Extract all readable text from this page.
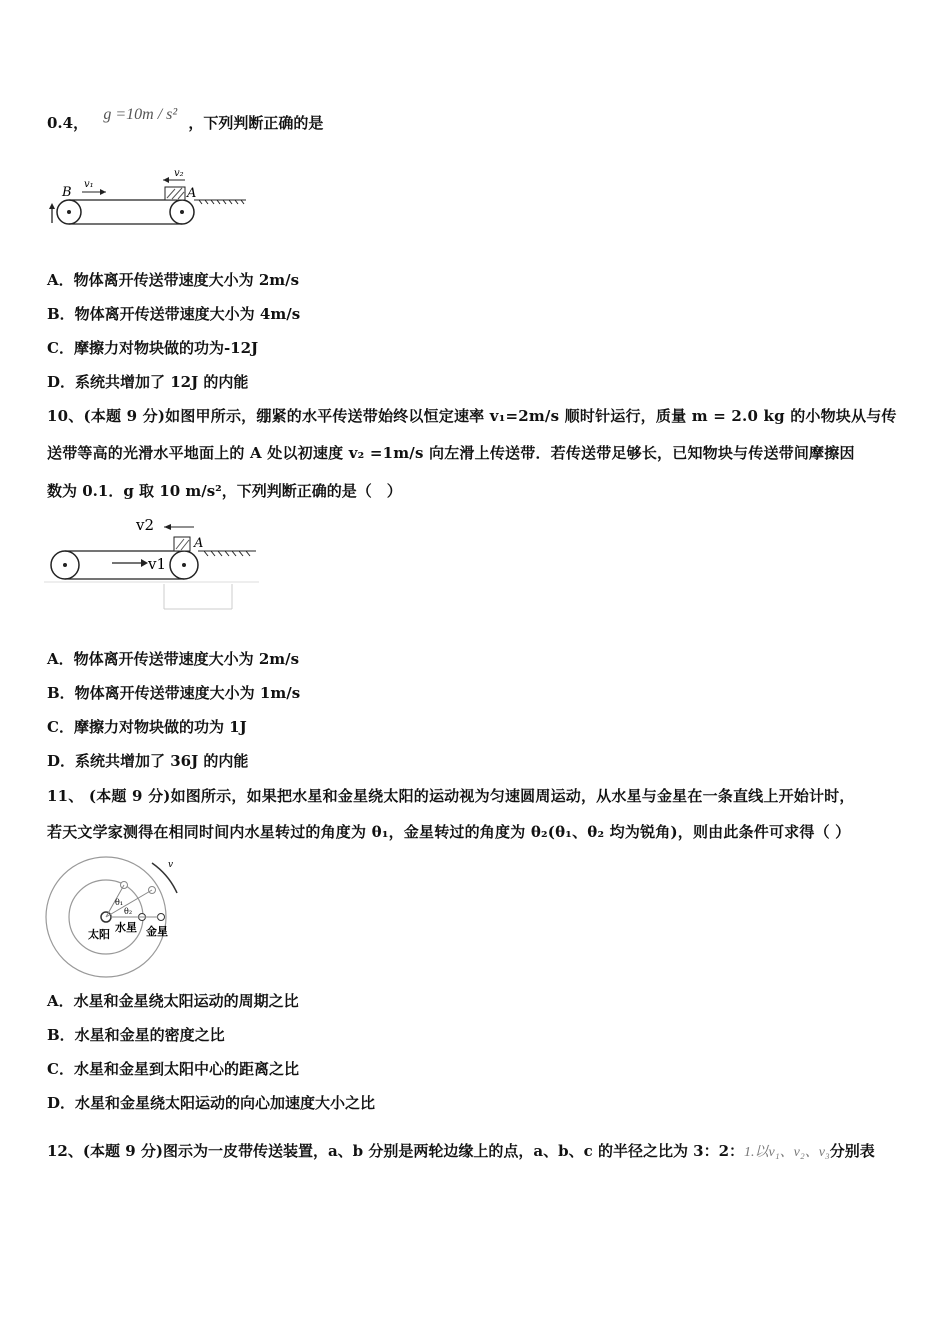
0.4， g =10m / s² ，下列判断正确的是
B
v₁
v₂
A
A．物体离开传送带速度大小为 2m/s
B．物体离开传送带速度大小为 4m/s
C．摩擦力对物块做的功为-12J
D．系统共增加了 12J 的内能
10、(本题 9 分)如图甲所示，绷紧的水平传送带始终以恒定速率 v₁=2m/s 顺时针运行，质量 m = 2.0 kg 的小物块从与传
送带等高的光滑水平地面上的 A 处以初速度 v₂ =1m/s 向左滑上传送带．若传送带足够长，已知物块与传送带间摩擦因
数为 0.1．g 取 10 m/s²，下列判断正确的是（　）
v2
v1
A
A．物体离开传送带速度大小为 2m/s
B．物体离开传送带速度大小为 1m/s
C．摩擦力对物块做的功为 1J
D．系统共增加了 36J 的内能
11、 (本题 9 分)如图所示，如果把水星和金星绕太阳的运动视为匀速圆周运动，从水星与金星在一条直线上开始计时，
若天文学家测得在相同时间内水星转过的角度为 θ₁，金星转过的角度为 θ₂(θ₁、θ₂ 均为锐角)，则由此条件可求得（ ）
v
θ₁
θ₂
太阳
水星 金星
A．水星和金星绕太阳运动的周期之比
B．水星和金星的密度之比
C．水星和金星到太阳中心的距离之比
D．水星和金星绕太阳运动的向心加速度大小之比
12、(本题 9 分)图示为一皮带传送装置，a、b 分别是两轮边缘上的点，a、b、c 的半径之比为 3：2：1.以v₁、v₂、v₃分别表
